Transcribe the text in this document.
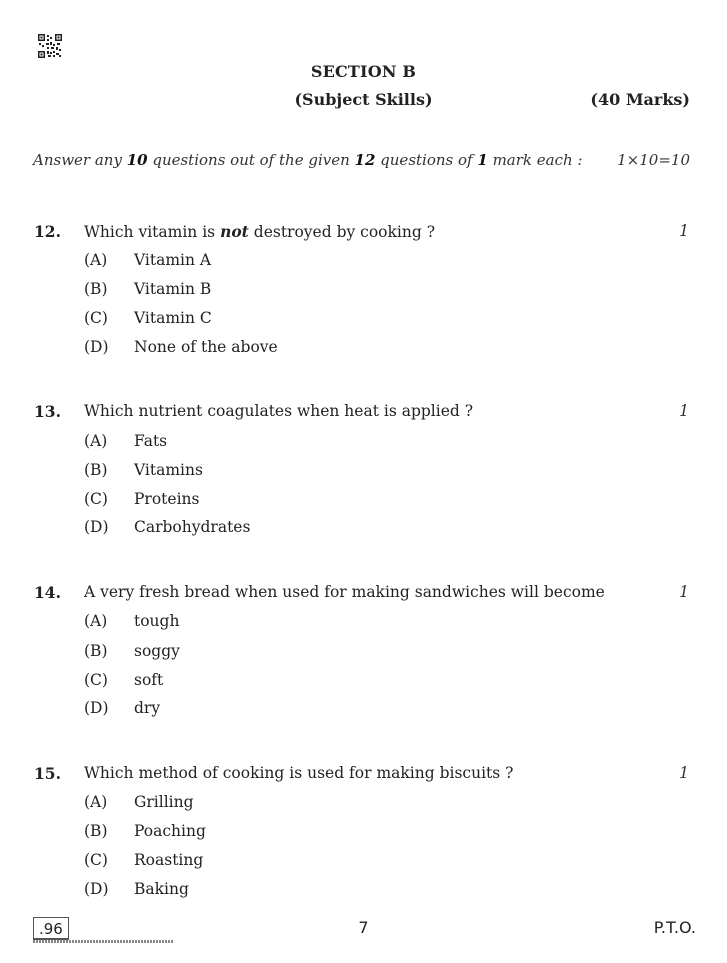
SECTION B
(Subject Skills)	(40 Marks)
Answer any 10 questions out of the given 12 questions of 1 mark each : 1×10=10
12. Which vitamin is not destroyed by cooking ?	1
(A) Vitamin A
(B) Vitamin B
(C) Vitamin C
(D) None of the above
13. Which nutrient coagulates when heat is applied ?	1
(A) Fats
(B) Vitamins
(C) Proteins
(D) Carbohydrates
14. A very fresh bread when used for making sandwiches will become	1
(A) tough
(B) soggy
(C) soft
(D) dry
15. Which method of cooking is used for making biscuits ?	1
(A) Grilling
(B) Poaching
(C) Roasting
(D) Baking
.96	7	P.T.O.
